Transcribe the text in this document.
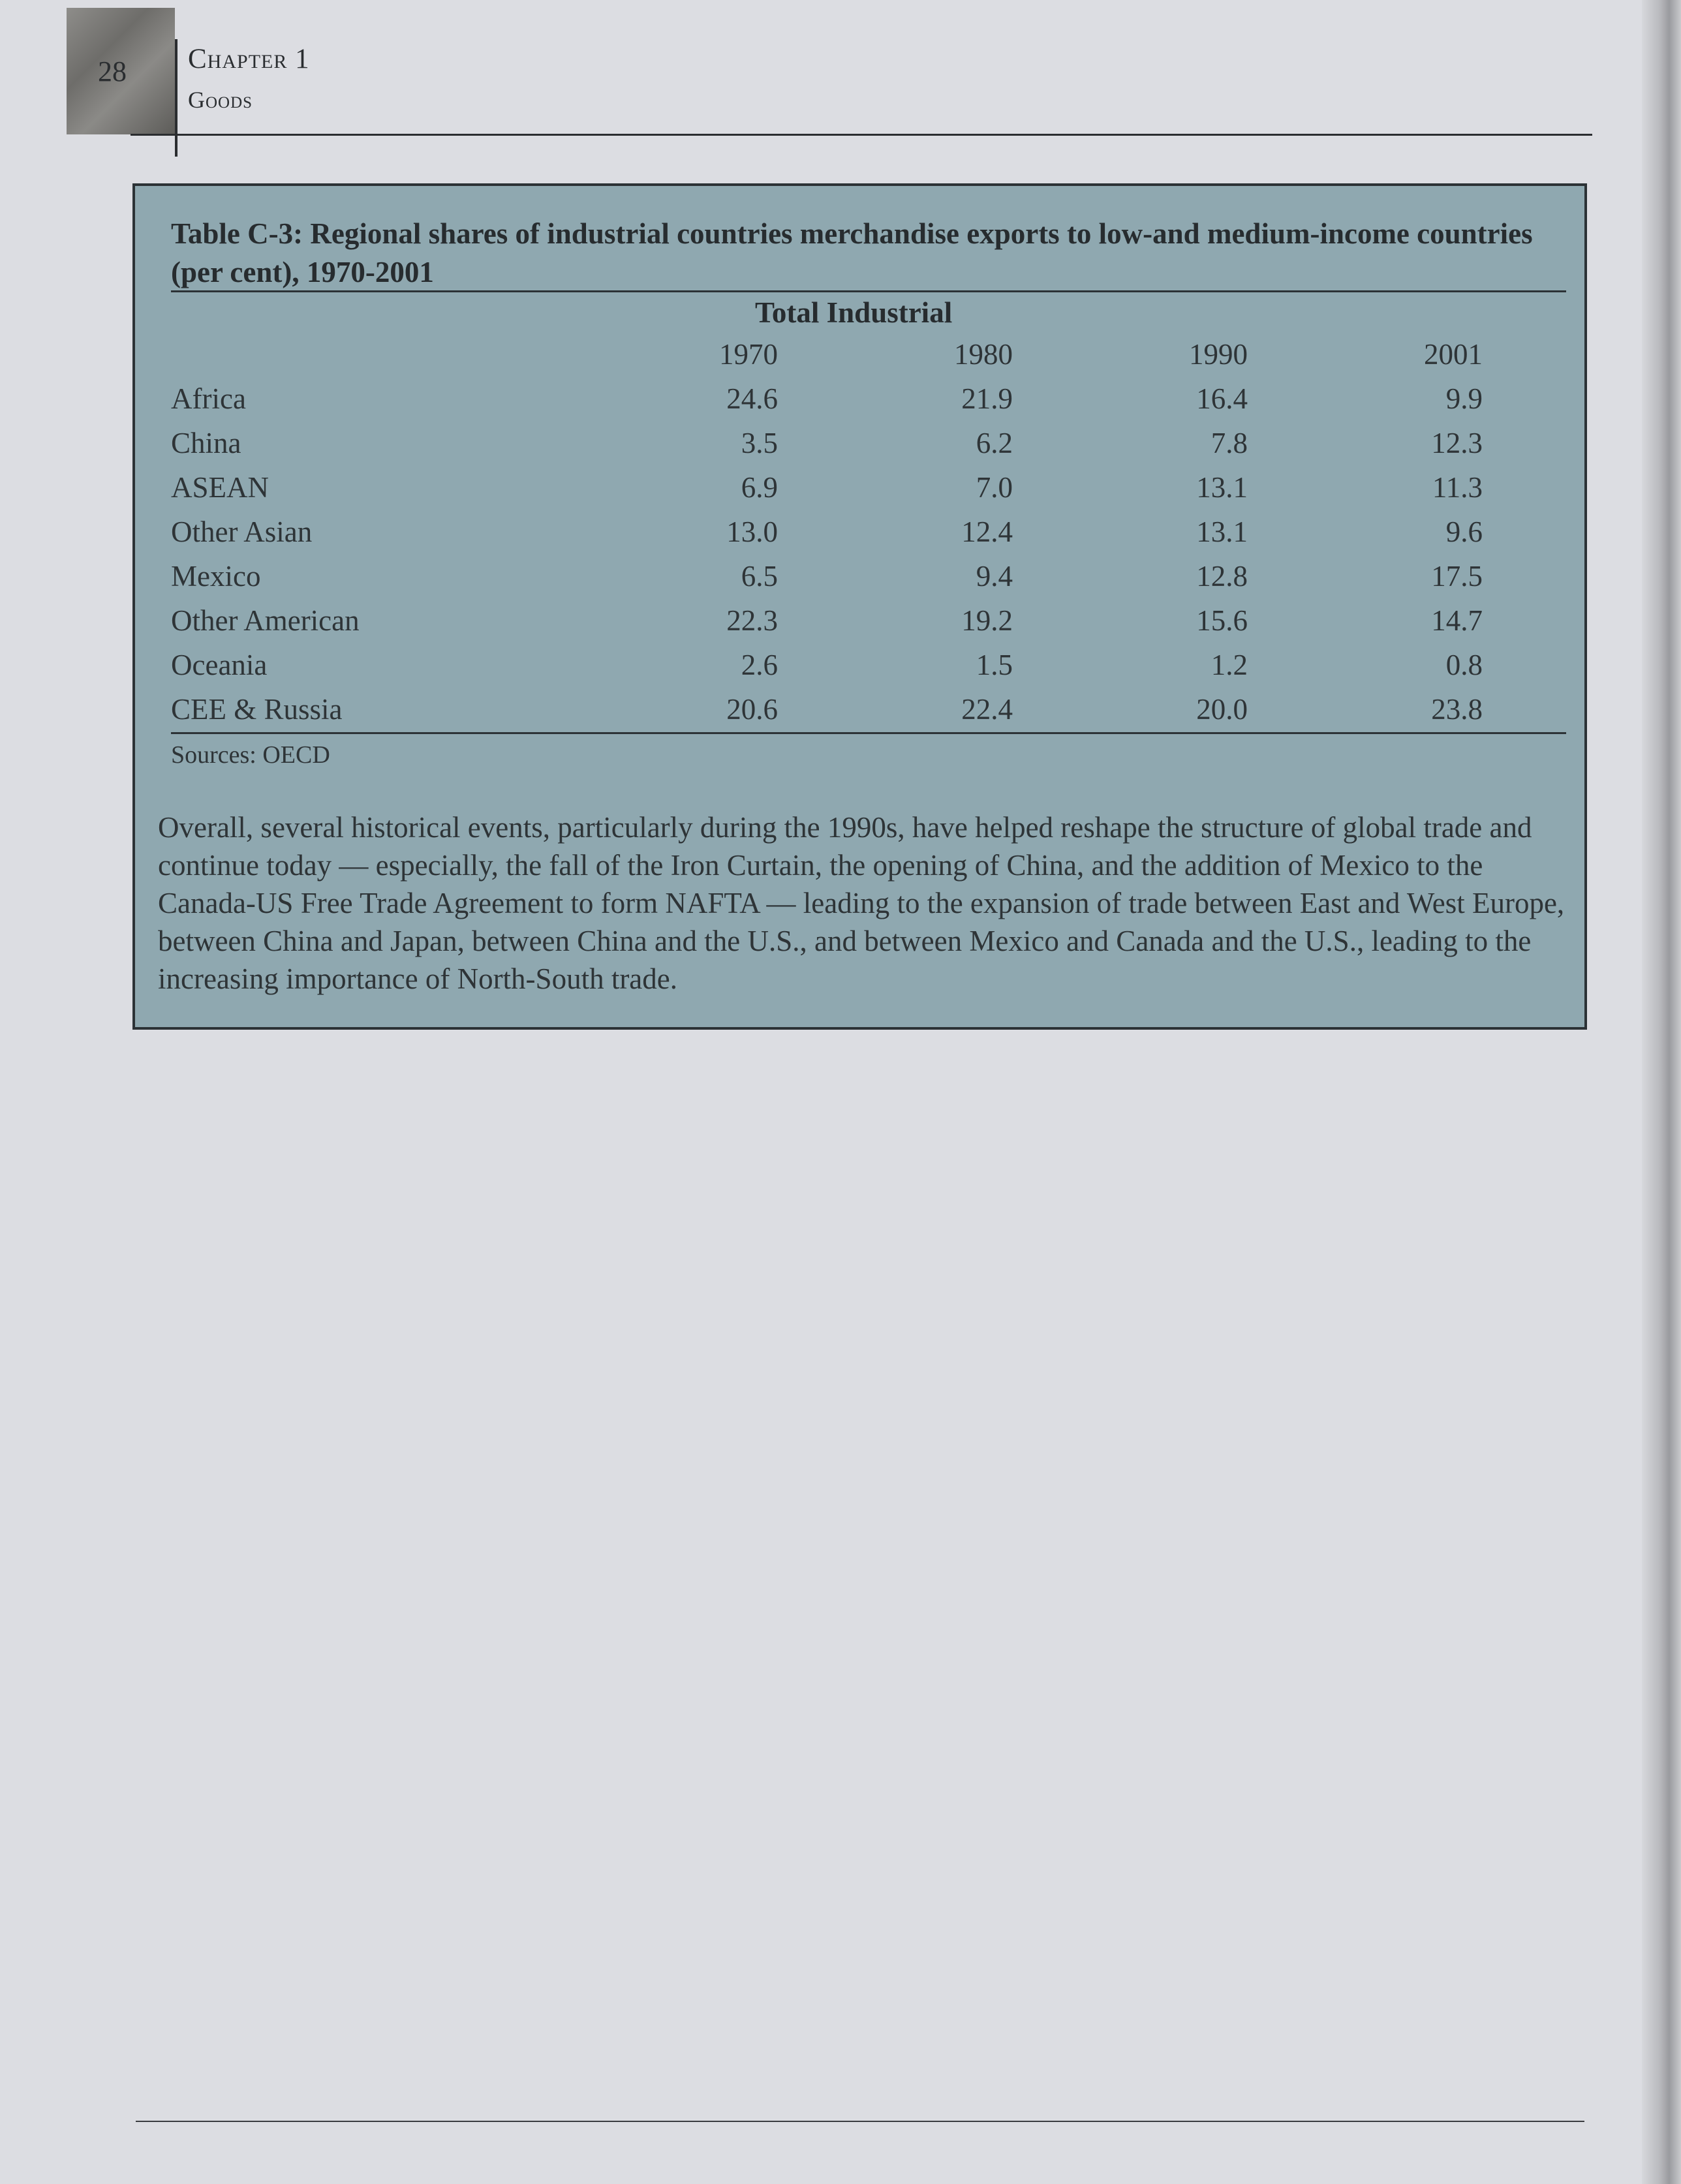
28 Chapter 1
Goods
Table C-3: Regional shares of industrial countries merchandise exports to low-and medium-income countries (per cent), 1970-2001
Total Industrial
1970	1980	1990	2001
Africa	24.6	21.9	16.4	9.9
China	3.5	6.2	7.8	12.3
ASEAN	6.9	7.0	13.1	11.3
Other Asian	13.0	12.4	13.1	9.6
Mexico	6.5	9.4	12.8	17.5
Other American	22.3	19.2	15.6	14.7
Oceania	2.6	1.5	1.2	0.8
CEE & Russia	20.6	22.4	20.0	23.8
Sources: OECD
Overall, several historical events, particularly during the 1990s, have helped reshape the structure of global trade and continue today — especially, the fall of the Iron Curtain, the opening of China, and the addition of Mexico to the Canada-US Free Trade Agreement to form NAFTA — leading to the expansion of trade between East and West Europe, between China and Japan, between China and the U.S., and between Mexico and Canada and the U.S., leading to the increasing importance of North-South trade.
